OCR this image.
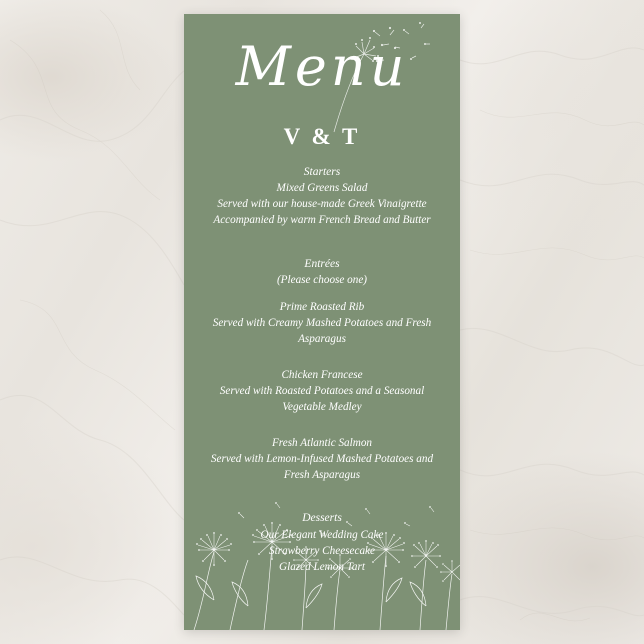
Menu
V & T
Starters
Mixed Greens Salad
Served with our house-made Greek Vinaigrette
Accompanied by warm French Bread and Butter
Entrées
(Please choose one)
Prime Roasted Rib
Served with Creamy Mashed Potatoes and Fresh
Asparagus
Chicken Francese
Served with Roasted Potatoes and a Seasonal
Vegetable Medley
Fresh Atlantic Salmon
Served with Lemon-Infused Mashed Potatoes and
Fresh Asparagus
Desserts
Our Elegant Wedding Cake
Strawberry Cheesecake
Glazed Lemon Tart
